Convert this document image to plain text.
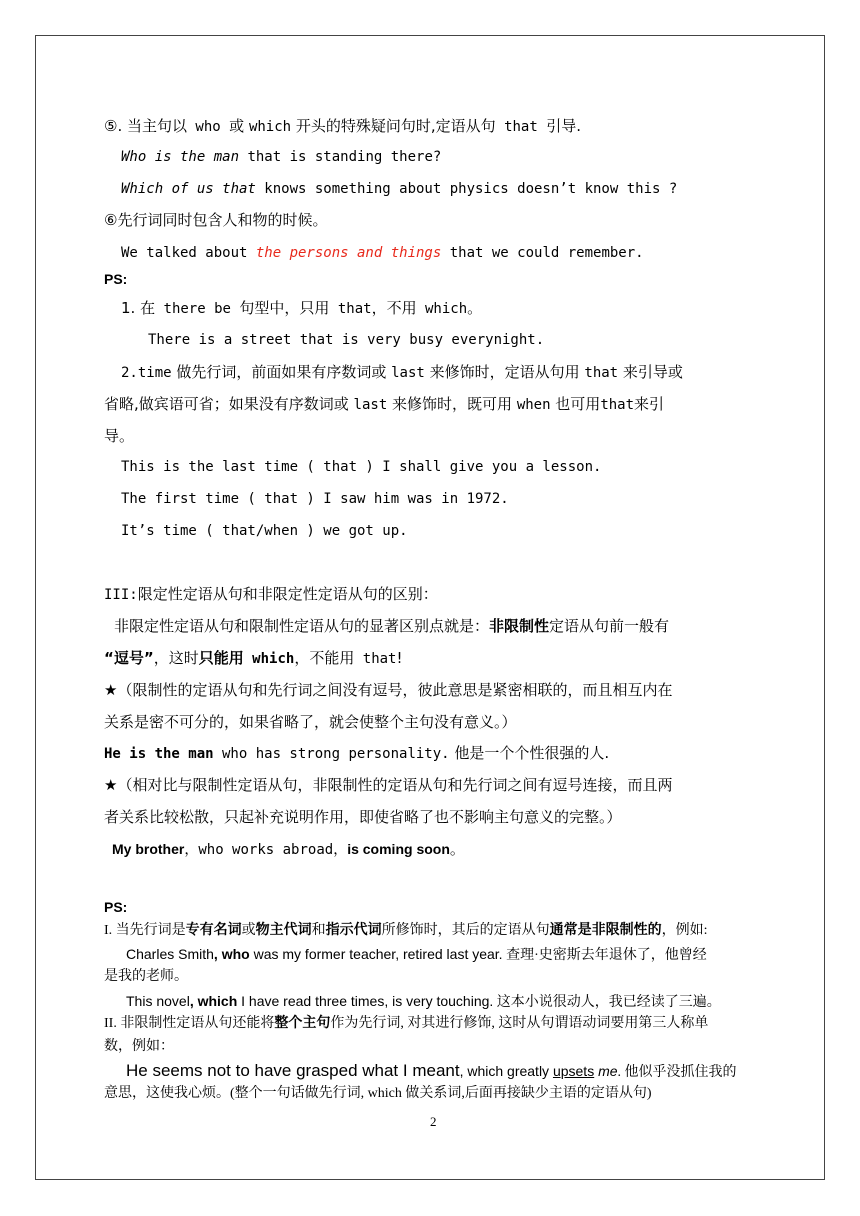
⑤. 当主句以 who 或 which 开头的特殊疑问句时,定语从句 that 引导.
Who is the man that is standing there?
Which of us that knows something about physics doesn’t know this ?
⑥先行词同时包含人和物的时候。
We talked about the persons and things that we could remember.
PS:
1. 在 there be 句型中，只用 that，不用 which。
There is a street that is very busy everynight.
2.time 做先行词，前面如果有序数词或 last 来修饰时，定语从句用 that 来引导或
省略,做宾语可省；如果没有序数词或 last 来修饰时，既可用 when 也可用that来引
导。
This is the last time ( that ) I shall give you a lesson.
The first time ( that ) I saw him was in 1972.
It’s time ( that/when ) we got up.
III:限定性定语从句和非限定性定语从句的区别：
非限定性定语从句和限制性定语从句的显著区别点就是：非限制性定语从句前一般有
“逗号”，这时只能用 which，不能用 that!
★（限制性的定语从句和先行词之间没有逗号，彼此意思是紧密相联的，而且相互内在
关系是密不可分的，如果省略了，就会使整个主句没有意义。）
He is the man who has strong personality. 他是一个个性很强的人.
★（相对比与限制性定语从句，非限制性的定语从句和先行词之间有逗号连接，而且两
者关系比较松散，只起补充说明作用，即使省略了也不影响主句意义的完整。）
My brother，who works abroad，is coming soon。
PS:
I. 当先行词是专有名词或物主代词和指示代词所修饰时，其后的定语从句通常是非限制性的，例如:
Charles Smith, who was my former teacher, retired last year. 查理·史密斯去年退休了，他曾经
是我的老师。
This novel, which I have read three times, is very touching. 这本小说很动人，我已经读了三遍。
II. 非限制性定语从句还能将整个主句作为先行词, 对其进行修饰, 这时从句谓语动词要用第三人称单
数，例如：
He seems not to have grasped what I meant, which greatly upsets me. 他似乎没抓住我的
意思，这使我心烦。(整个一句话做先行词, which 做关系词,后面再接缺少主语的定语从句)
2
